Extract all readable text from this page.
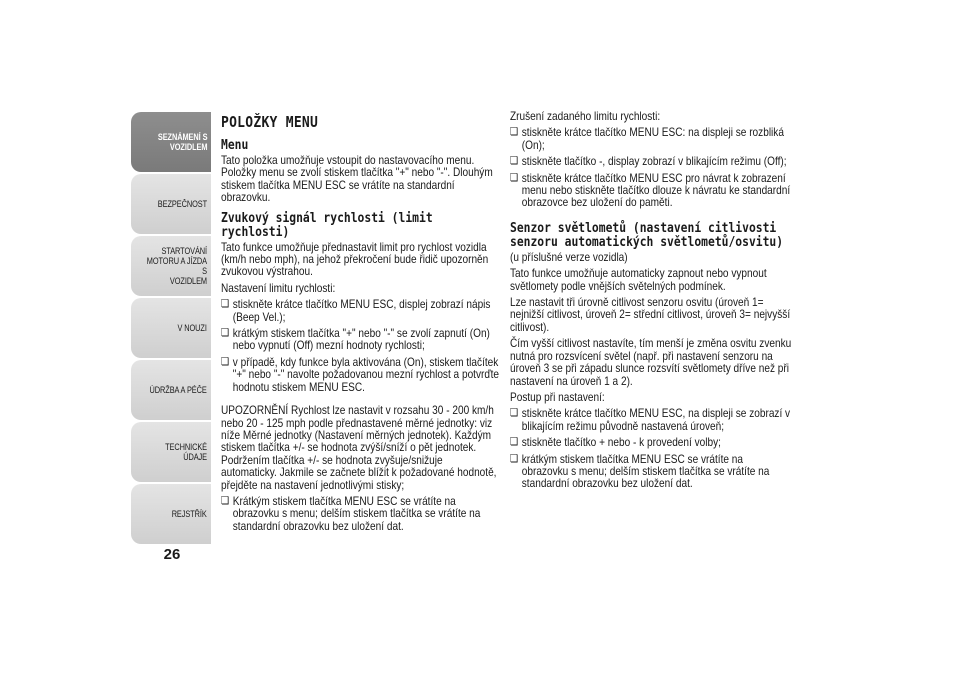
SEZNÁMENÍ S
VOZIDLEM
BEZPEČNOST
STARTOVÁNÍ
MOTORU A JÍZDA S
VOZIDLEM
V NOUZI
ÚDRŽBA A PÉČE
TECHNICKÉ ÚDAJE
REJSTŘÍK
26
POLOŽKY MENU
Menu

Tato položka umožňuje vstoupit do nastavovacího menu. Položky menu se zvolí stiskem tlačítka "+" nebo "-". Dlouhým stiskem tlačítka MENU ESC se vrátíte na standardní obrazovku.

Zvukový signál rychlosti (limit rychlosti)

Tato funkce umožňuje přednastavit limit pro rychlost vozidla (km/h nebo mph), na jehož překročení bude řidič upozorněn zvukovou výstrahou.

Nastavení limitu rychlosti:

❏ stiskněte krátce tlačítko MENU ESC, displej zobrazí nápis (Beep Vel.);
❏ krátkým stiskem tlačítka "+" nebo "-" se zvolí zapnutí (On) nebo vypnutí (Off) mezní hodnoty rychlosti;
❏ v případě, kdy funkce byla aktivována (On), stiskem tlačítek "+" nebo "-" navolte požadovanou mezní rychlost a potvrďte hodnotu stiskem MENU ESC.

UPOZORNĚNÍ Rychlost lze nastavit v rozsahu 30 - 200 km/h nebo 20 - 125 mph podle přednastavené měrné jednotky: viz níže Měrné jednotky (Nastavení měrných jednotek). Každým stiskem tlačítka +/- se hodnota zvýší/sníží o pět jednotek. Podržením tlačítka +/- se hodnota zvyšuje/snižuje automaticky. Jakmile se začnete blížit k požadované hodnotě, přejděte na nastavení jednotlivými stisky;

❏ Krátkým stiskem tlačítka MENU ESC se vrátíte na obrazovku s menu; delším stiskem tlačítka se vrátíte na standardní obrazovku bez uložení dat.

Zrušení zadaného limitu rychlosti:

❏ stiskněte krátce tlačítko MENU ESC: na displeji se rozbliká (On);
❏ stiskněte tlačítko -, display zobrazí v blikajícím režimu (Off);
❏ stiskněte krátce tlačítko MENU ESC pro návrat k zobrazení menu nebo stiskněte tlačítko dlouze k návratu ke standardní obrazovce bez uložení do paměti.
Senzor světlometů (nastavení citlivosti senzoru automatických světlometů/osvitu)

(u příslušné verze vozidla)

Tato funkce umožňuje automaticky zapnout nebo vypnout světlomety podle vnějších světelných podmínek.

Lze nastavit tři úrovně citlivost senzoru osvitu (úroveň 1= nejnižší citlivost, úroveň 2= střední citlivost, úroveň 3= nejvyšší citlivost).

Čím vyšší citlivost nastavíte, tím menší je změna osvitu zvenku nutná pro rozsvícení světel (např. při nastavení senzoru na úroveň 3 se při západu slunce rozsvítí světlomety dříve než při nastavení na úroveň 1 a 2).

Postup při nastavení:

❏ stiskněte krátce tlačítko MENU ESC, na displeji se zobrazí v blikajícím režimu původně nastavená úroveň;
❏ stiskněte tlačítko + nebo - k provedení volby;
❏ krátkým stiskem tlačítka MENU ESC se vrátíte na obrazovku s menu; delším stiskem tlačítka se vrátíte na standardní obrazovku bez uložení dat.
